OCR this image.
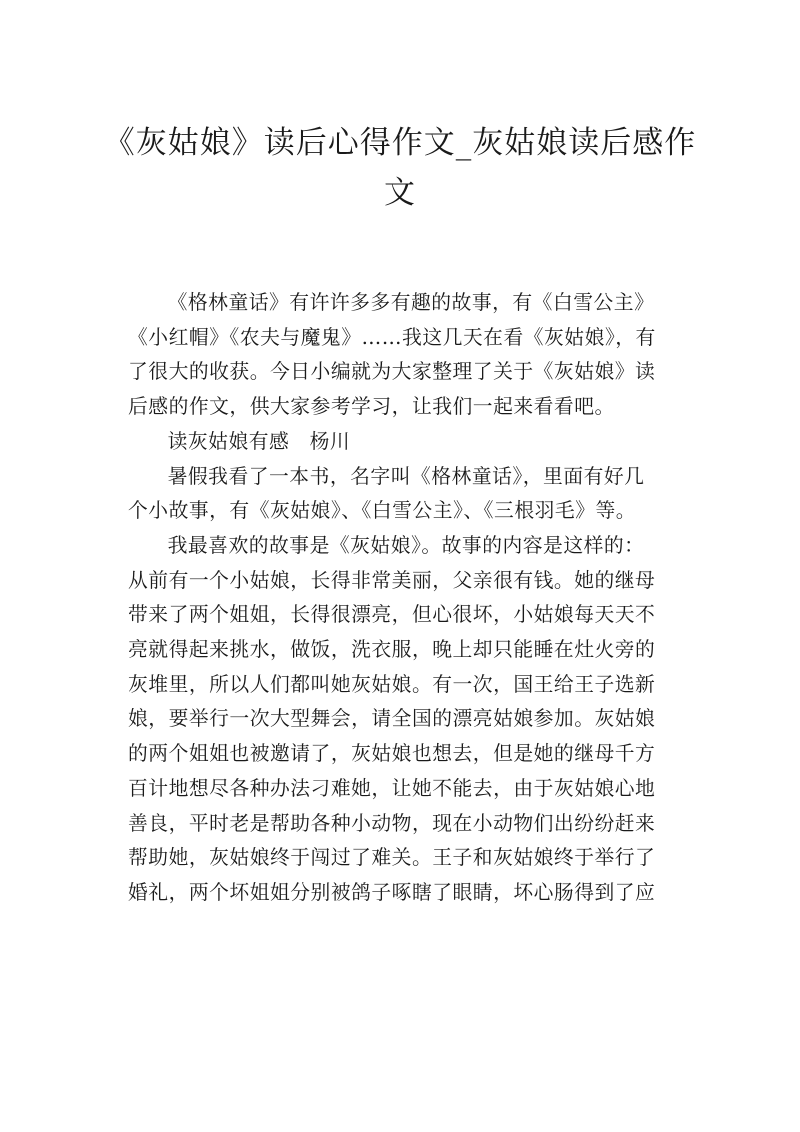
《灰姑娘》读后心得作文_灰姑娘读后感作
文

《格林童话》有许许多多有趣的故事，有《白雪公主》
《小红帽》《农夫与魔鬼》……我这几天在看《灰姑娘》，有
了很大的收获。今日小编就为大家整理了关于《灰姑娘》读
后感的作文，供大家参考学习，让我们一起来看看吧。

读灰姑娘有感　杨川

暑假我看了一本书，名字叫《格林童话》，里面有好几
个小故事，有《灰姑娘》、《白雪公主》、《三根羽毛》等。

我最喜欢的故事是《灰姑娘》。故事的内容是这样的：
从前有一个小姑娘，长得非常美丽，父亲很有钱。她的继母
带来了两个姐姐，长得很漂亮，但心很坏，小姑娘每天天不
亮就得起来挑水，做饭，洗衣服，晚上却只能睡在灶火旁的
灰堆里，所以人们都叫她灰姑娘。有一次，国王给王子选新
娘，要举行一次大型舞会，请全国的漂亮姑娘参加。灰姑娘
的两个姐姐也被邀请了，灰姑娘也想去，但是她的继母千方
百计地想尽各种办法刁难她，让她不能去，由于灰姑娘心地
善良，平时老是帮助各种小动物，现在小动物们出纷纷赶来
帮助她，灰姑娘终于闯过了难关。王子和灰姑娘终于举行了
婚礼，两个坏姐姐分别被鸽子啄瞎了眼睛，坏心肠得到了应
